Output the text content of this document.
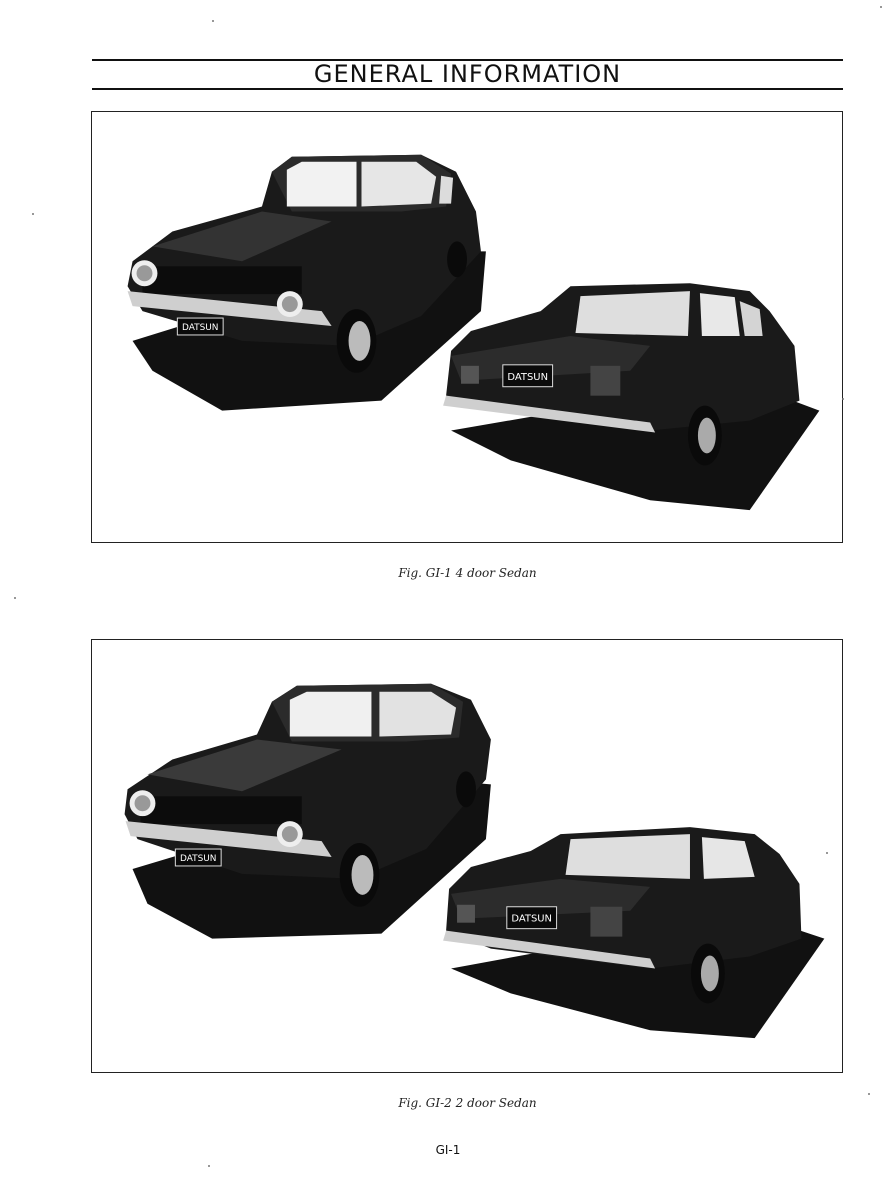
GENERAL INFORMATION
DATSUN
DATSUN
Fig. GI-1 4 door Sedan
DATSUN
DATSUN
Fig. GI-2 2 door Sedan
GI-1
